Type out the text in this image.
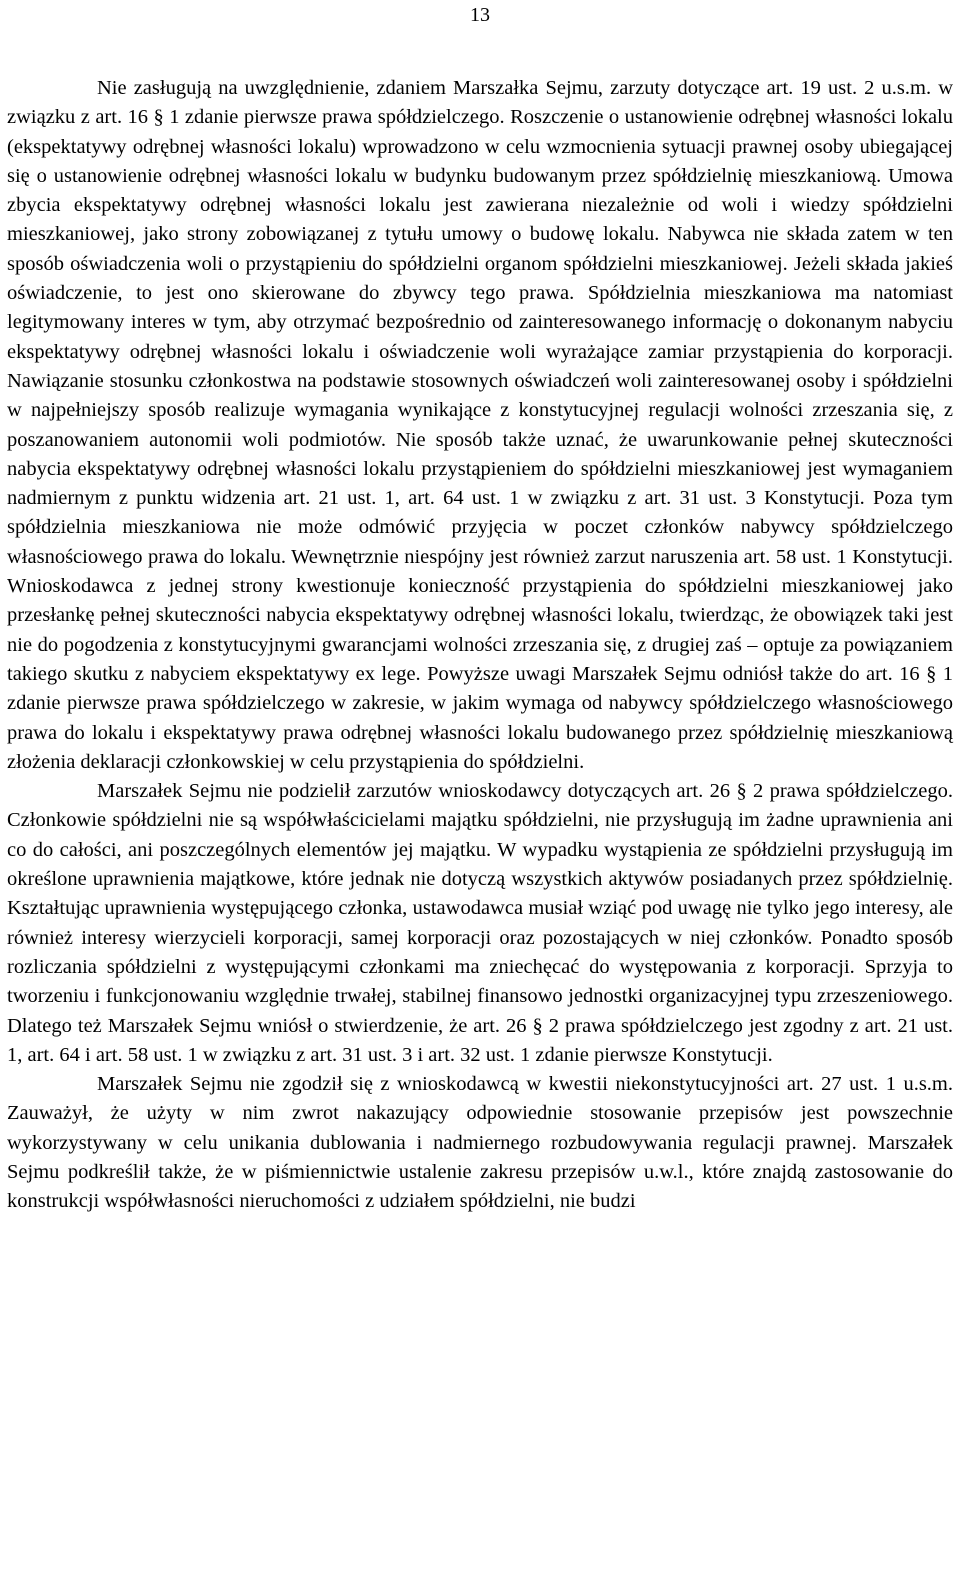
13

Nie zasługują na uwzględnienie, zdaniem Marszałka Sejmu, zarzuty dotyczące art. 19 ust. 2 u.s.m. w związku z art. 16 § 1 zdanie pierwsze prawa spółdzielczego. Roszczenie o ustanowienie odrębnej własności lokalu (ekspektatywy odrębnej własności lokalu) wprowadzono w celu wzmocnienia sytuacji prawnej osoby ubiegającej się o ustanowienie odrębnej własności lokalu w budynku budowanym przez spółdzielnię mieszkaniową. Umowa zbycia ekspektatywy odrębnej własności lokalu jest zawierana niezależnie od woli i wiedzy spółdzielni mieszkaniowej, jako strony zobowiązanej z tytułu umowy o budowę lokalu. Nabywca nie składa zatem w ten sposób oświadczenia woli o przystąpieniu do spółdzielni organom spółdzielni mieszkaniowej. Jeżeli składa jakieś oświadczenie, to jest ono skierowane do zbywcy tego prawa. Spółdzielnia mieszkaniowa ma natomiast legitymowany interes w tym, aby otrzymać bezpośrednio od zainteresowanego informację o dokonanym nabyciu ekspektatywy odrębnej własności lokalu i oświadczenie woli wyrażające zamiar przystąpienia do korporacji. Nawiązanie stosunku członkostwa na podstawie stosownych oświadczeń woli zainteresowanej osoby i spółdzielni w najpełniejszy sposób realizuje wymagania wynikające z konstytucyjnej regulacji wolności zrzeszania się, z poszanowaniem autonomii woli podmiotów. Nie sposób także uznać, że uwarunkowanie pełnej skuteczności nabycia ekspektatywy odrębnej własności lokalu przystąpieniem do spółdzielni mieszkaniowej jest wymaganiem nadmiernym z punktu widzenia art. 21 ust. 1, art. 64 ust. 1 w związku z art. 31 ust. 3 Konstytucji. Poza tym spółdzielnia mieszkaniowa nie może odmówić przyjęcia w poczet członków nabywcy spółdzielczego własnościowego prawa do lokalu. Wewnętrznie niespójny jest również zarzut naruszenia art. 58 ust. 1 Konstytucji. Wnioskodawca z jednej strony kwestionuje konieczność przystąpienia do spółdzielni mieszkaniowej jako przesłankę pełnej skuteczności nabycia ekspektatywy odrębnej własności lokalu, twierdząc, że obowiązek taki jest nie do pogodzenia z konstytucyjnymi gwarancjami wolności zrzeszania się, z drugiej zaś – optuje za powiązaniem takiego skutku z nabyciem ekspektatywy ex lege. Powyższe uwagi Marszałek Sejmu odniósł także do art. 16 § 1 zdanie pierwsze prawa spółdzielczego w zakresie, w jakim wymaga od nabywcy spółdzielczego własnościowego prawa do lokalu i ekspektatywy prawa odrębnej własności lokalu budowanego przez spółdzielnię mieszkaniową złożenia deklaracji członkowskiej w celu przystąpienia do spółdzielni.

Marszałek Sejmu nie podzielił zarzutów wnioskodawcy dotyczących art. 26 § 2 prawa spółdzielczego. Członkowie spółdzielni nie są współwłaścicielami majątku spółdzielni, nie przysługują im żadne uprawnienia ani co do całości, ani poszczególnych elementów jej majątku. W wypadku wystąpienia ze spółdzielni przysługują im określone uprawnienia majątkowe, które jednak nie dotyczą wszystkich aktywów posiadanych przez spółdzielnię. Kształtując uprawnienia występującego członka, ustawodawca musiał wziąć pod uwagę nie tylko jego interesy, ale również interesy wierzycieli korporacji, samej korporacji oraz pozostających w niej członków. Ponadto sposób rozliczania spółdzielni z występującymi członkami ma zniechęcać do występowania z korporacji. Sprzyja to tworzeniu i funkcjonowaniu względnie trwałej, stabilnej finansowo jednostki organizacyjnej typu zrzeszeniowego. Dlatego też Marszałek Sejmu wniósł o stwierdzenie, że art. 26 § 2 prawa spółdzielczego jest zgodny z art. 21 ust. 1, art. 64 i art. 58 ust. 1 w związku z art. 31 ust. 3 i art. 32 ust. 1 zdanie pierwsze Konstytucji.

Marszałek Sejmu nie zgodził się z wnioskodawcą w kwestii niekonstytucyjności art. 27 ust. 1 u.s.m. Zauważył, że użyty w nim zwrot nakazujący odpowiednie stosowanie przepisów jest powszechnie wykorzystywany w celu unikania dublowania i nadmiernego rozbudowywania regulacji prawnej. Marszałek Sejmu podkreślił także, że w piśmiennictwie ustalenie zakresu przepisów u.w.l., które znajdą zastosowanie do konstrukcji współwłasności nieruchomości z udziałem spółdzielni, nie budzi
